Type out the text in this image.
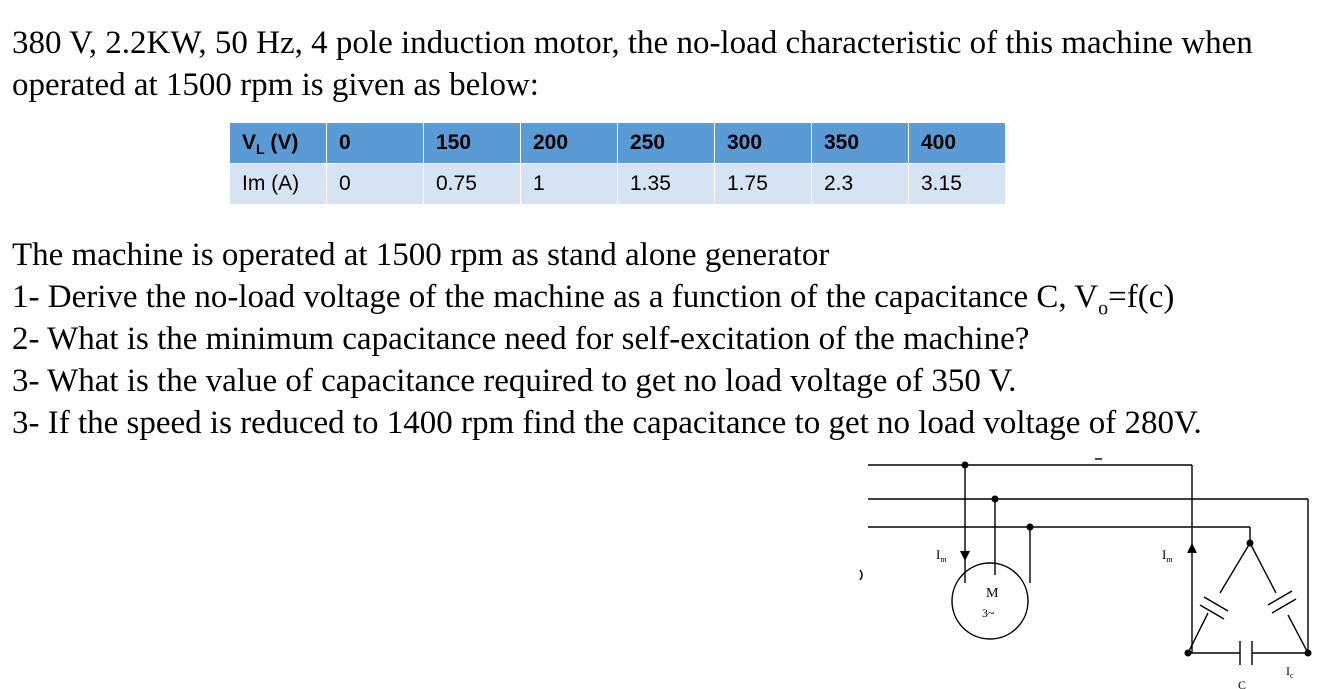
380 V, 2.2KW, 50 Hz, 4 pole induction motor, the no-load characteristic of this machine when operated at 1500 rpm is given as below:

$V_L$ (V)	0	150	200	250	300	350	400
Im (A)	0	0.75	1	1.35	1.75	2.3	3.15
The machine is operated at 1500 rpm as stand alone generator
1- Derive the no-load voltage of the machine as a function of the capacitance C, $V_o=f(c)$
2- What is the minimum capacitance need for self-excitation of the machine?
3- What is the value of capacitance required to get no load voltage of 350 V.
3- If the speed is reduced to 1400 rpm find the capacitance to get no load voltage of 280V.
$I_m$	$I_m$
M
3~
$I_c$
C
